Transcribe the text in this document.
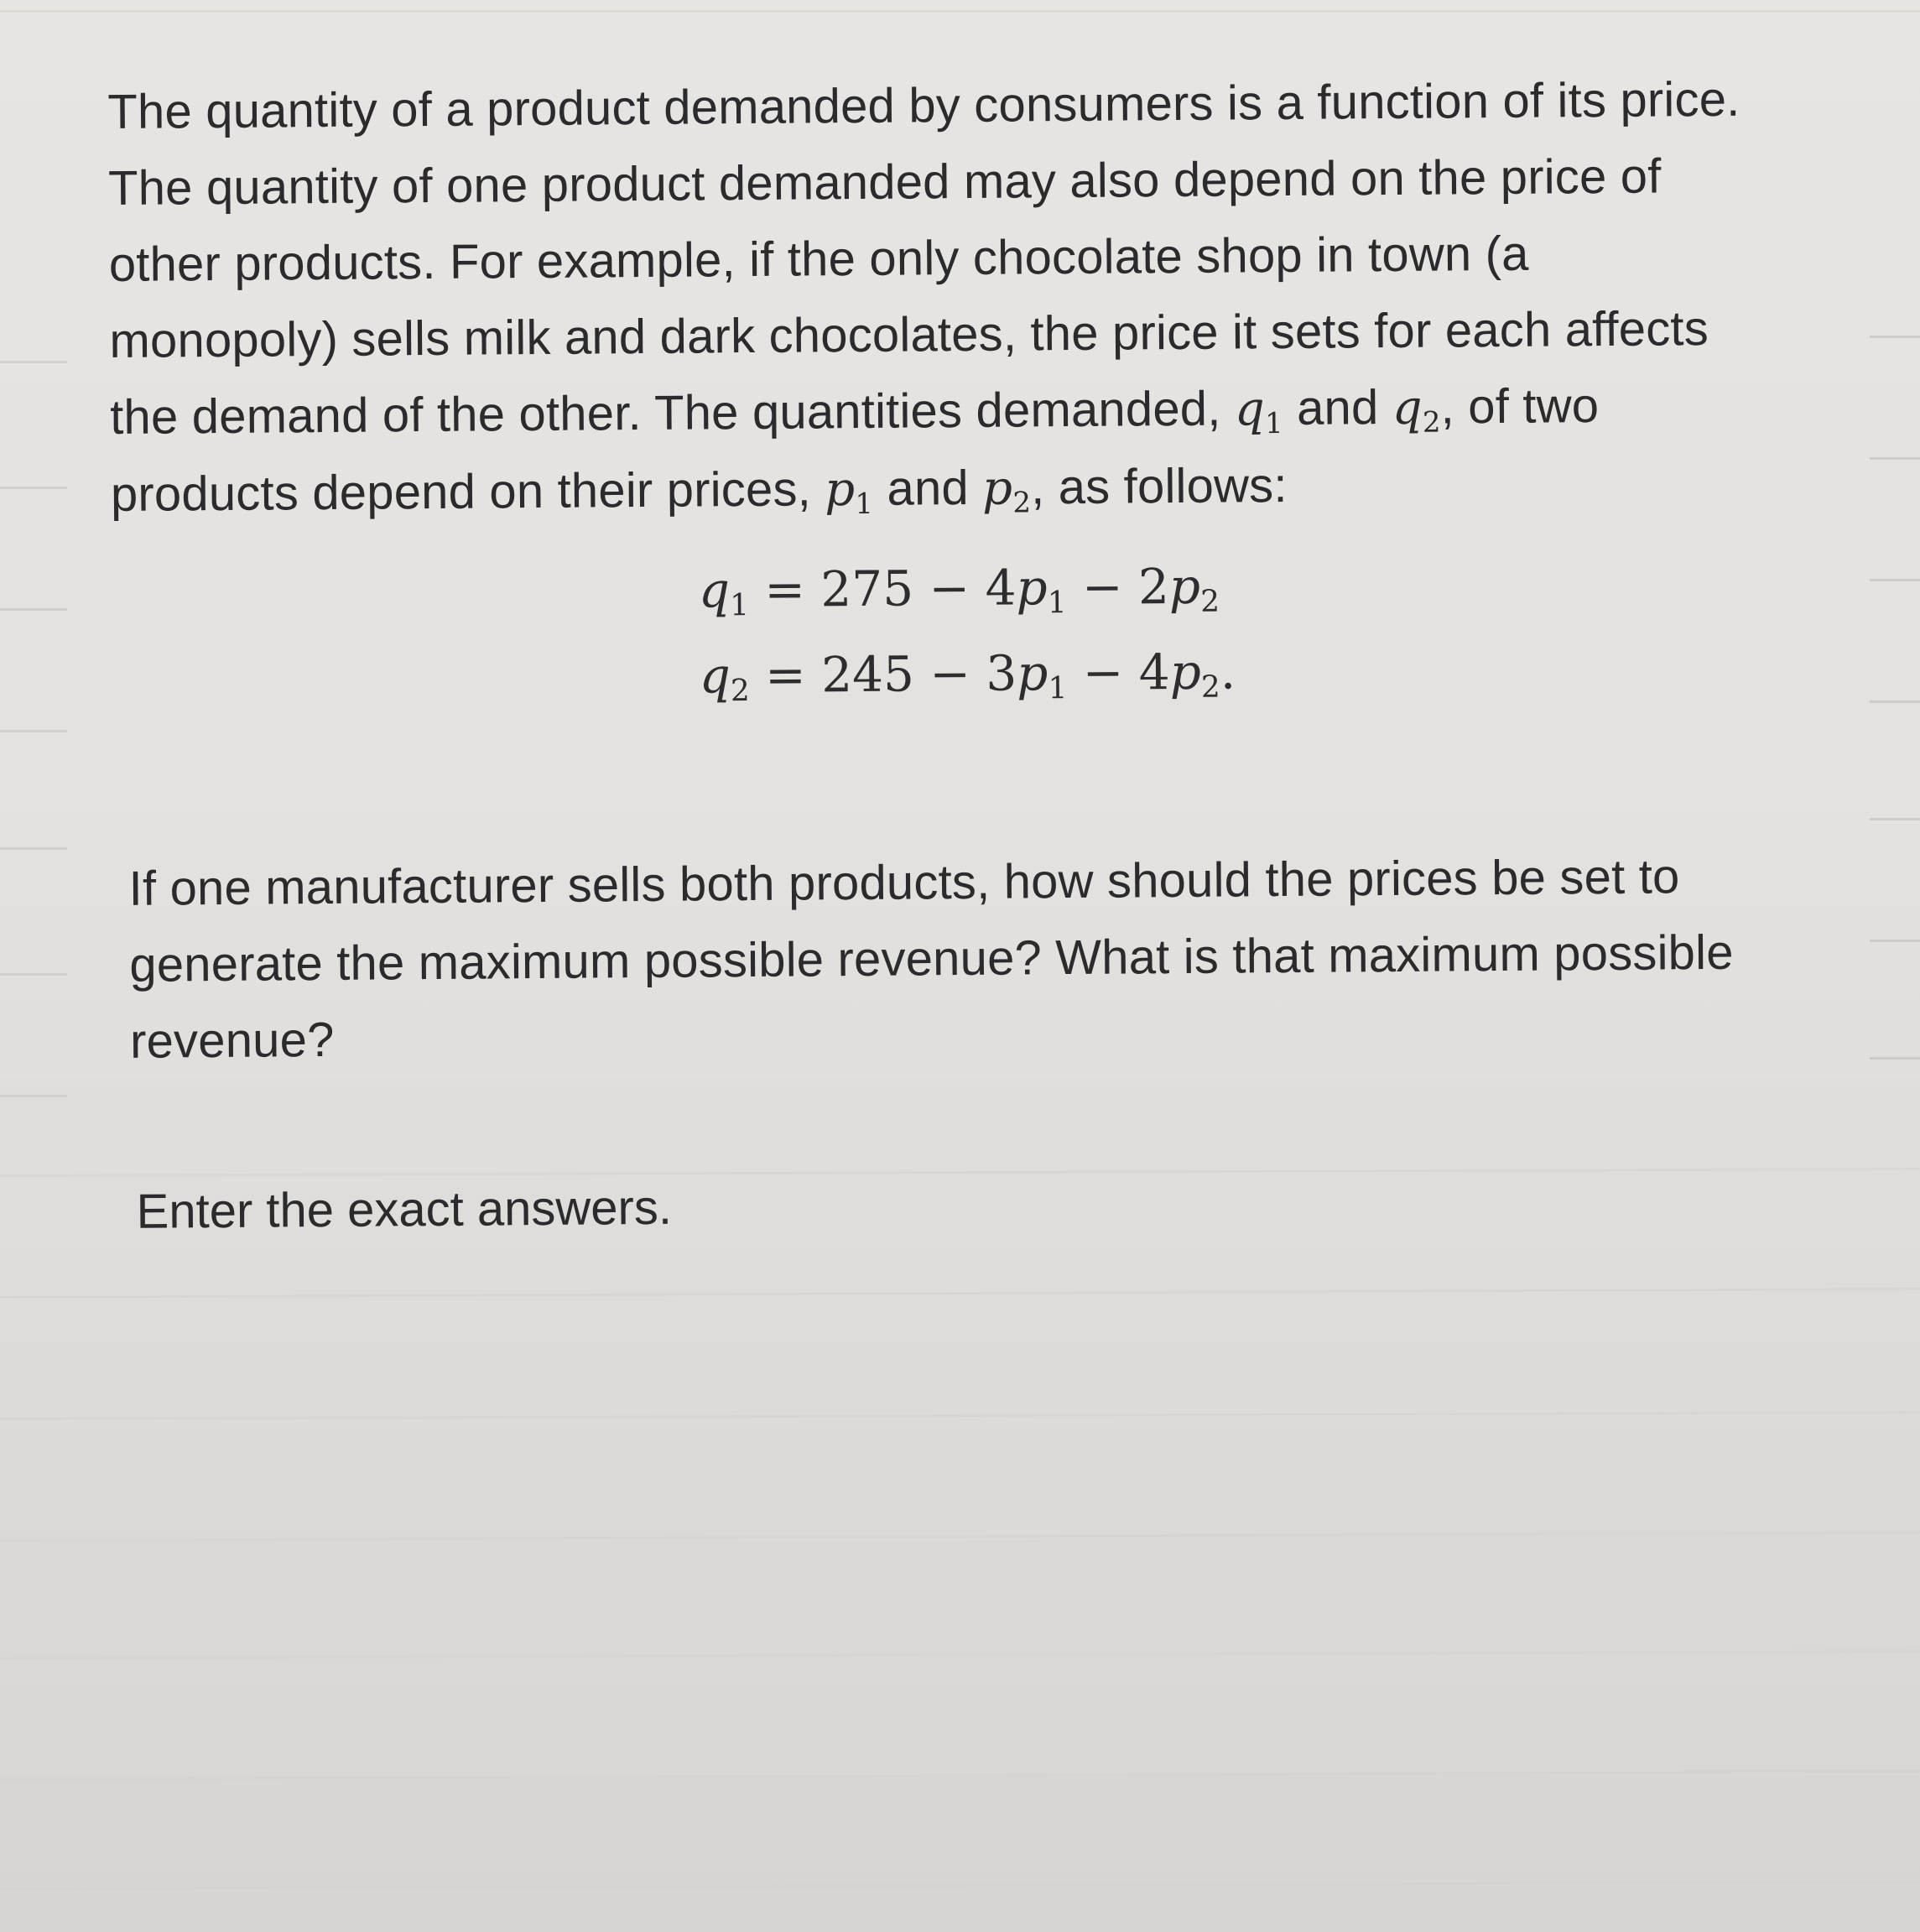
The quantity of a product demanded by consumers is a function of its price.
The quantity of one product demanded may also depend on the price of
other products. For example, if the only chocolate shop in town (a
monopoly) sells milk and dark chocolates, the price it sets for each affects
the demand of the other. The quantities demanded, $q_1$ and $q_2$, of two
products depend on their prices, $p_1$ and $p_2$, as follows:

$q_1 = 275 - 4p_1 - 2p_2$
$q_2 = 245 - 3p_1 - 4p_2$.

If one manufacturer sells both products, how should the prices be set to
generate the maximum possible revenue? What is that maximum possible
revenue?

Enter the exact answers.
